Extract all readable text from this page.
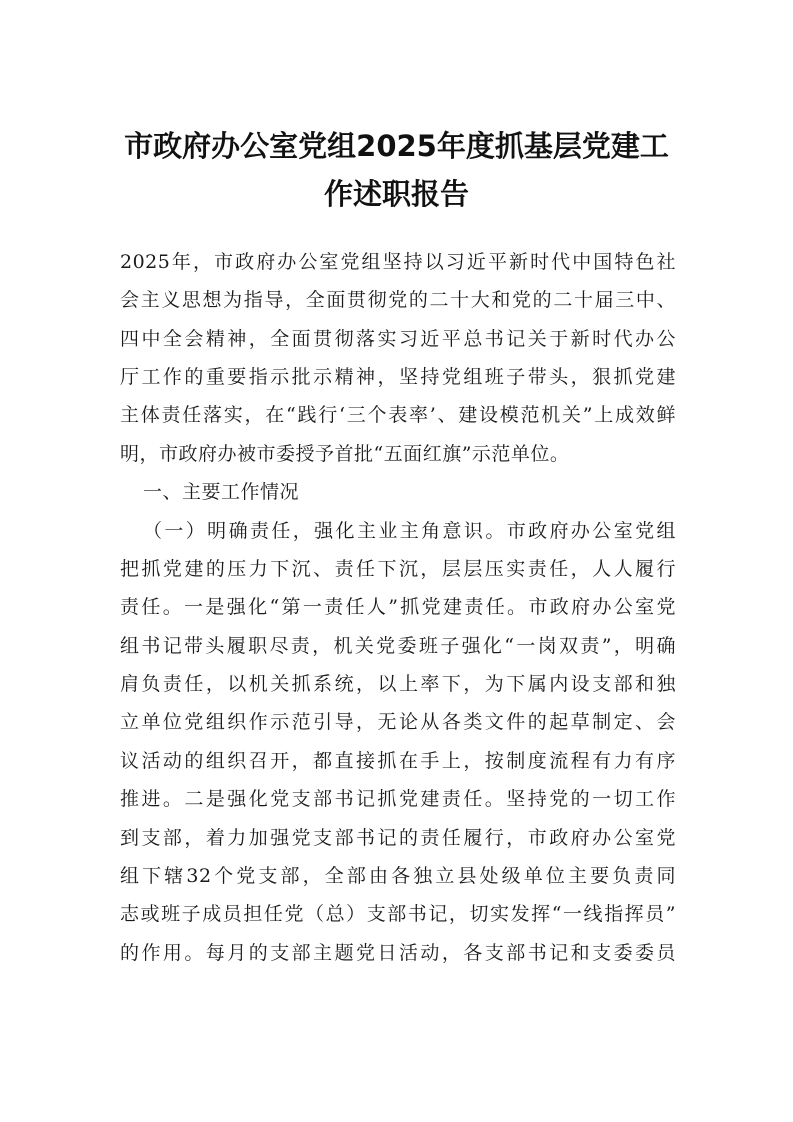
市政府办公室党组2025年度抓基层党建工
作述职报告
2025年，市政府办公室党组坚持以习近平新时代中国特色社
会主义思想为指导，全面贯彻党的二十大和党的二十届三中、
四中全会精神，全面贯彻落实习近平总书记关于新时代办公
厅工作的重要指示批示精神，坚持党组班子带头，狠抓党建
主体责任落实，在“践行‘三个表率’、建设模范机关”上成效鲜
明，市政府办被市委授予首批“五面红旗”示范单位。
一、主要工作情况
（一）明确责任，强化主业主角意识。市政府办公室党组
把抓党建的压力下沉、责任下沉，层层压实责任，人人履行
责任。一是强化“第一责任人”抓党建责任。市政府办公室党
组书记带头履职尽责，机关党委班子强化“一岗双责”，明确
肩负责任，以机关抓系统，以上率下，为下属内设支部和独
立单位党组织作示范引导，无论从各类文件的起草制定、会
议活动的组织召开，都直接抓在手上，按制度流程有力有序
推进。二是强化党支部书记抓党建责任。坚持党的一切工作
到支部，着力加强党支部书记的责任履行，市政府办公室党
组下辖32个党支部，全部由各独立县处级单位主要负责同
志或班子成员担任党（总）支部书记，切实发挥“一线指挥员”
的作用。每月的支部主题党日活动，各支部书记和支委委员
